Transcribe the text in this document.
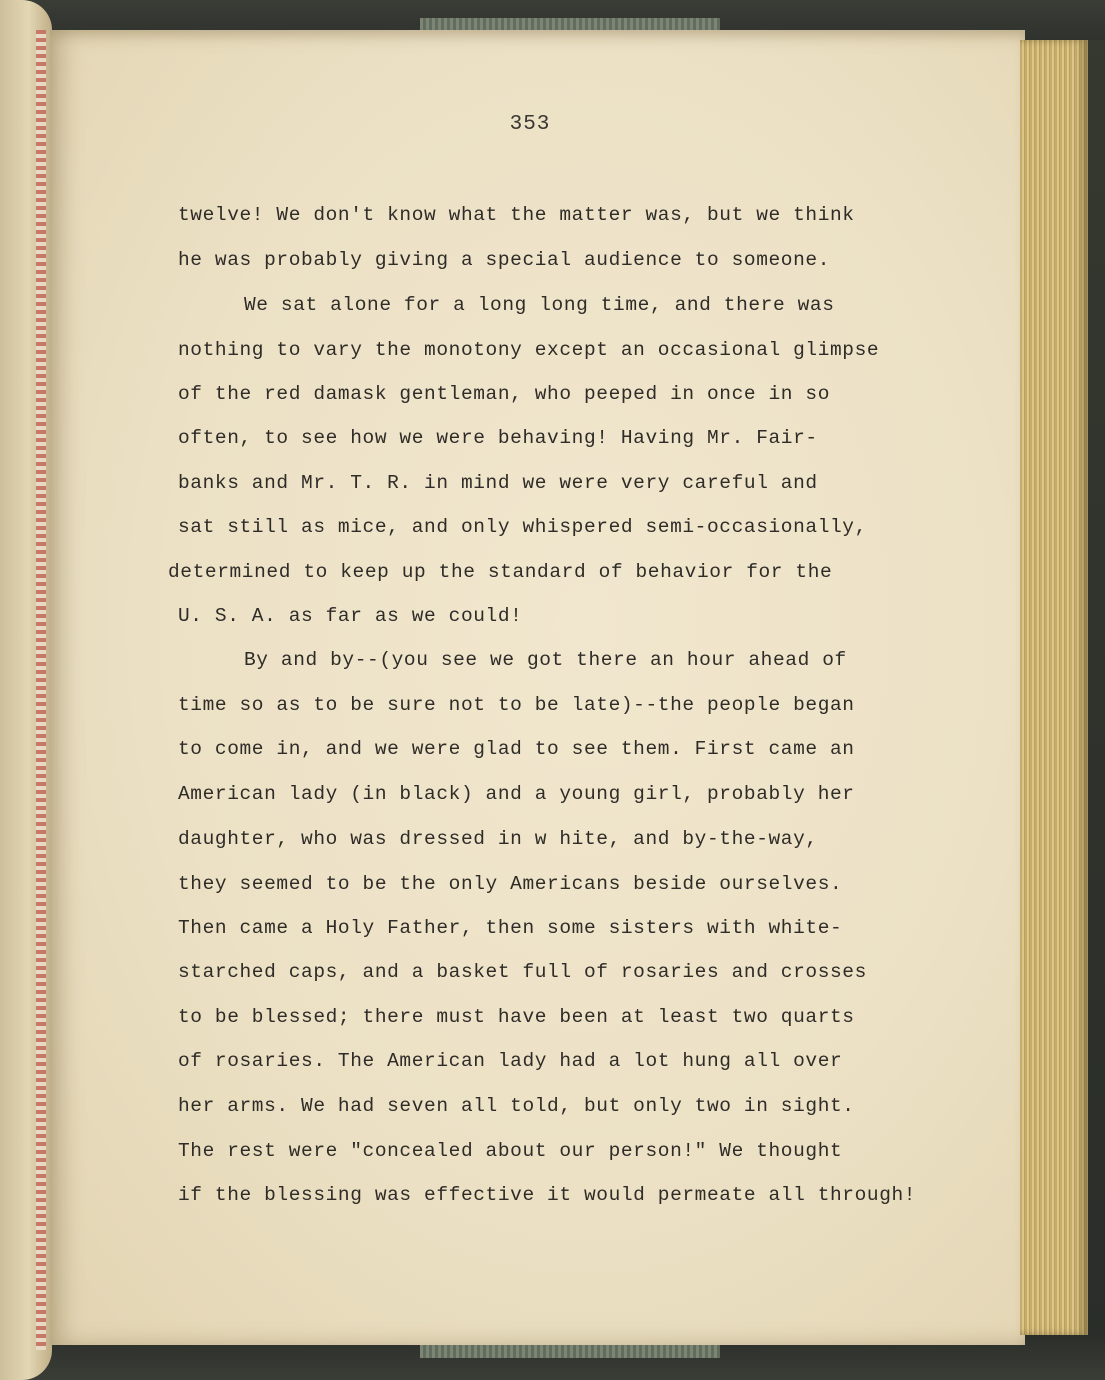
353
twelve! We don't know what the matter was, but we think
he was probably giving a special audience to someone.
We sat alone for a long long time, and there was
nothing to vary the monotony except an occasional glimpse
of the red damask gentleman, who peeped in once in so
often, to see how we were behaving! Having Mr. Fair-
banks and Mr. T. R. in mind we were very careful and
sat still as mice, and only whispered semi-occasionally,
determined to keep up the standard of behavior for the
U. S. A. as far as we could!
By and by--(you see we got there an hour ahead of
time so as to be sure not to be late)--the people began
to come in, and we were glad to see them. First came an
American lady (in black) and a young girl, probably her
daughter, who was dressed in w hite, and by-the-way,
they seemed to be the only Americans beside ourselves.
Then came a Holy Father, then some sisters with white-
starched caps, and a basket full of rosaries and crosses
to be blessed; there must have been at least two quarts
of rosaries. The American lady had a lot hung all over
her arms. We had seven all told, but only two in sight.
The rest were "concealed about our person!" We thought
if the blessing was effective it would permeate all through!
